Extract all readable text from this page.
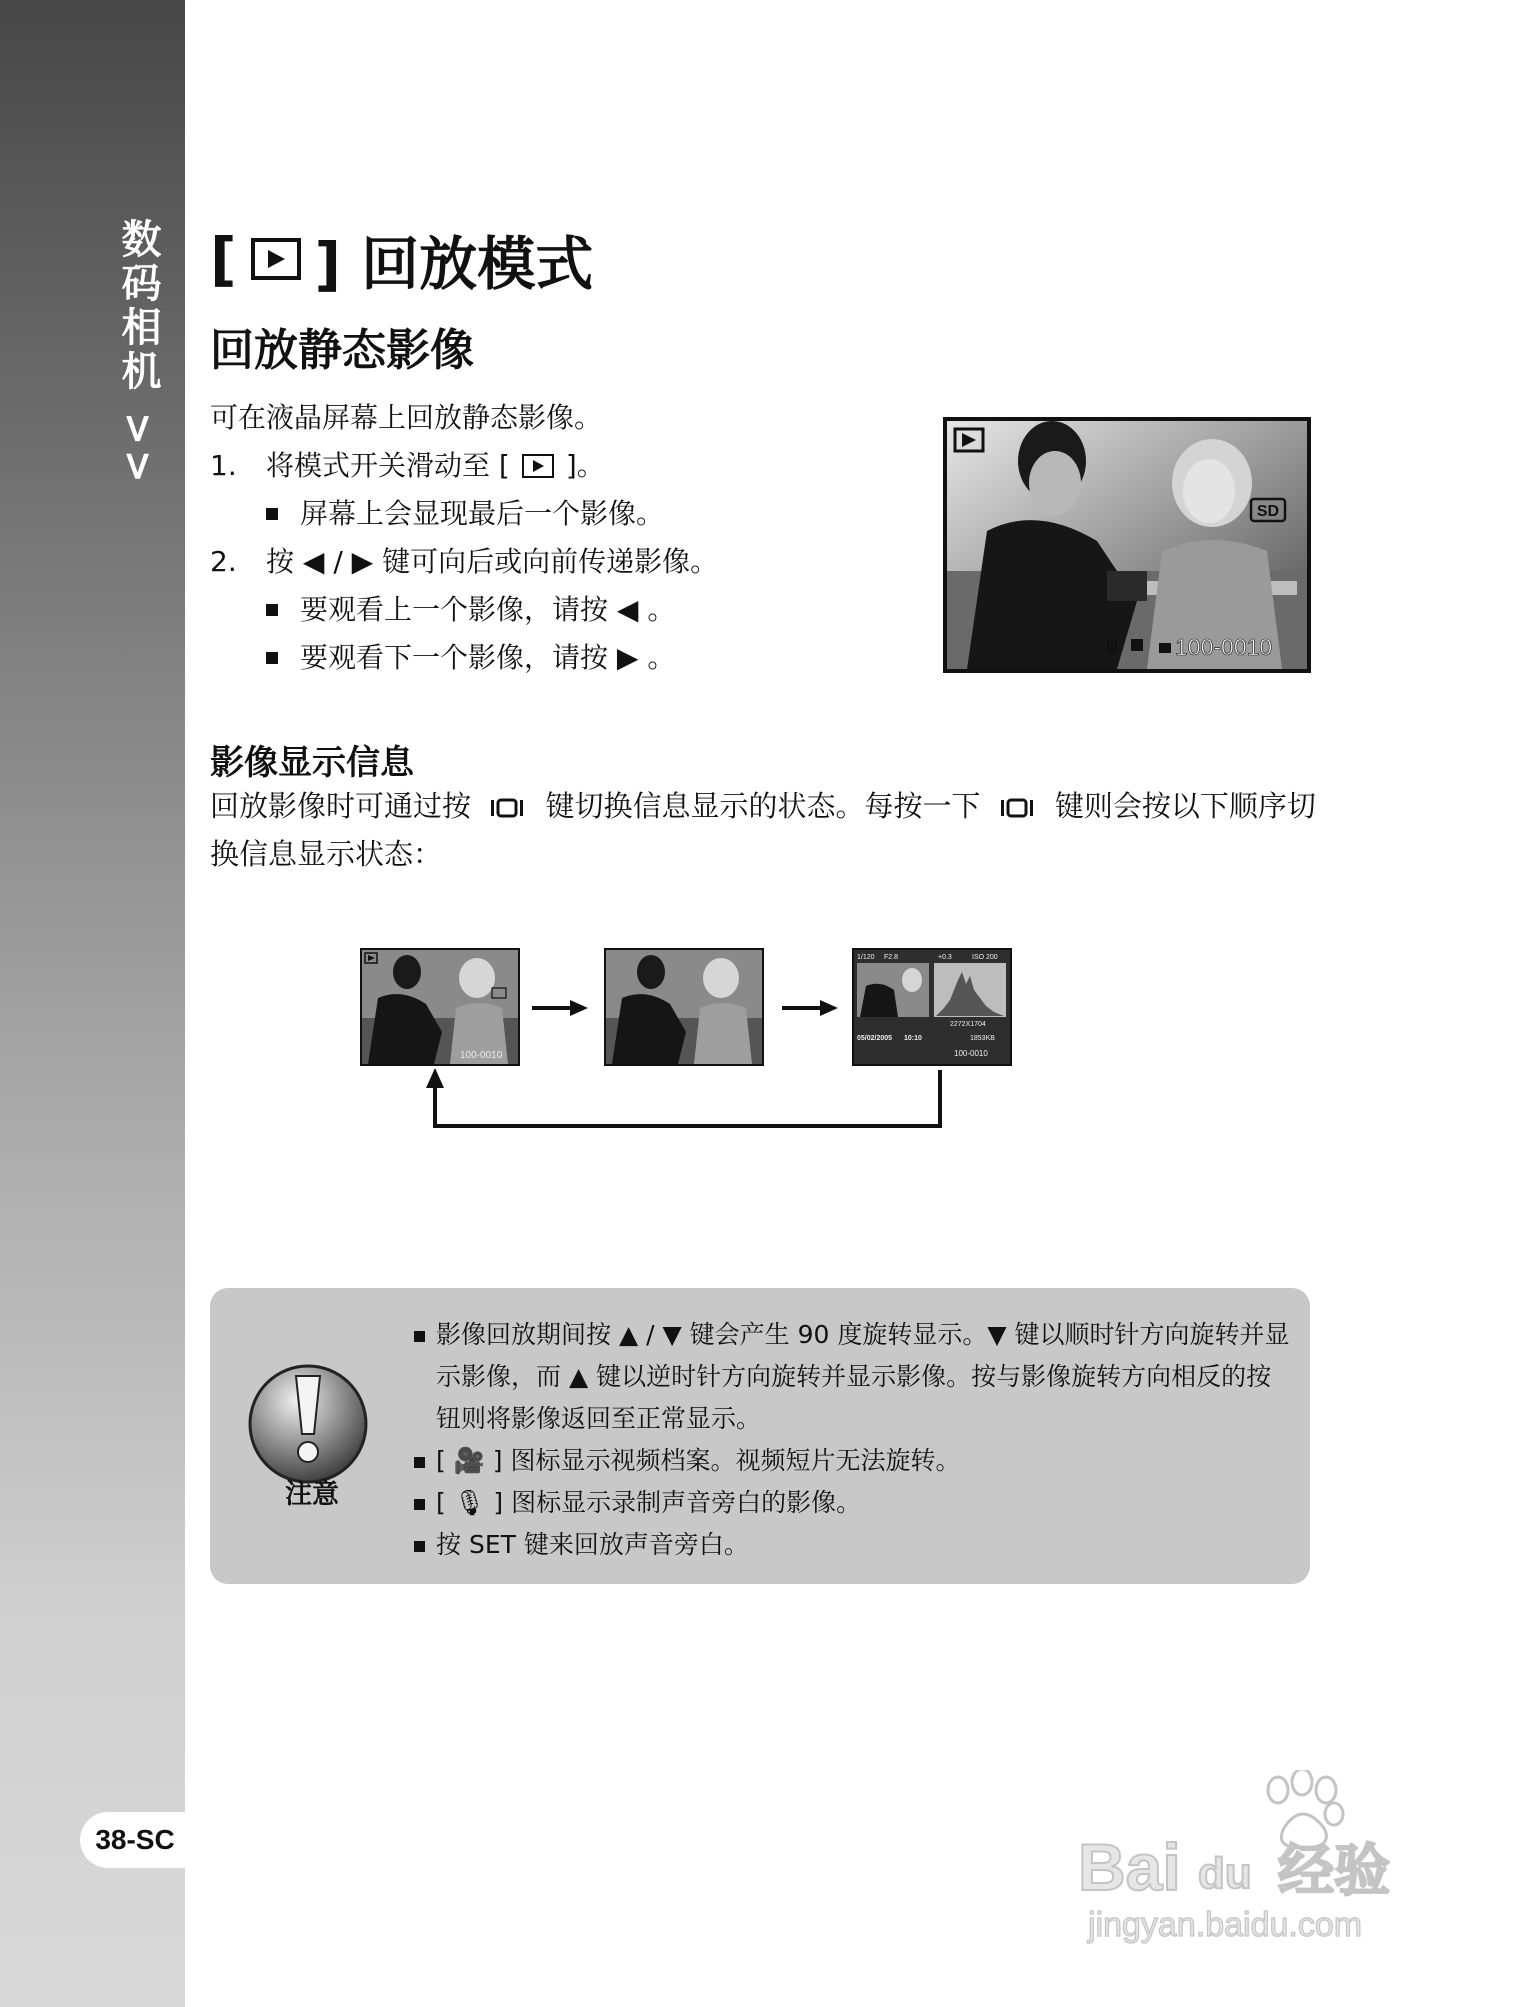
数码相机 >>
38-SC
[ ] 回放模式
回放静态影像
可在液晶屏幕上回放静态影像。
1.	将模式开关滑动至 [ ]。
屏幕上会显现最后一个影像。
2.	按 ◀ / ▶ 键可向后或向前传递影像。
要观看上一个影像，请按 ◀ 。
要观看下一个影像，请按 ▶ 。
SD
100-0010
影像显示信息
回放影像时可通过按	键切换信息显示的状态。每按一下	键则会按以下顺序切换信息显示状态：
100-0010
1/120 F2.8	+0.3	ISO 200
2272X1704
05/02/2005 10:10	1853KB
100-0010
注意
影像回放期间按 ▲ / ▼ 键会产生 90 度旋转显示。▼ 键以顺时针方向旋转并显示影像，而 ▲ 键以逆时针方向旋转并显示影像。按与影像旋转方向相反的按钮则将影像返回至正常显示。
[ 🎥 ] 图标显示视频档案。视频短片无法旋转。
[ 🎙 ] 图标显示录制声音旁白的影像。
按 SET 键来回放声音旁白。
Bai du 经验
jingyan.baidu.com
